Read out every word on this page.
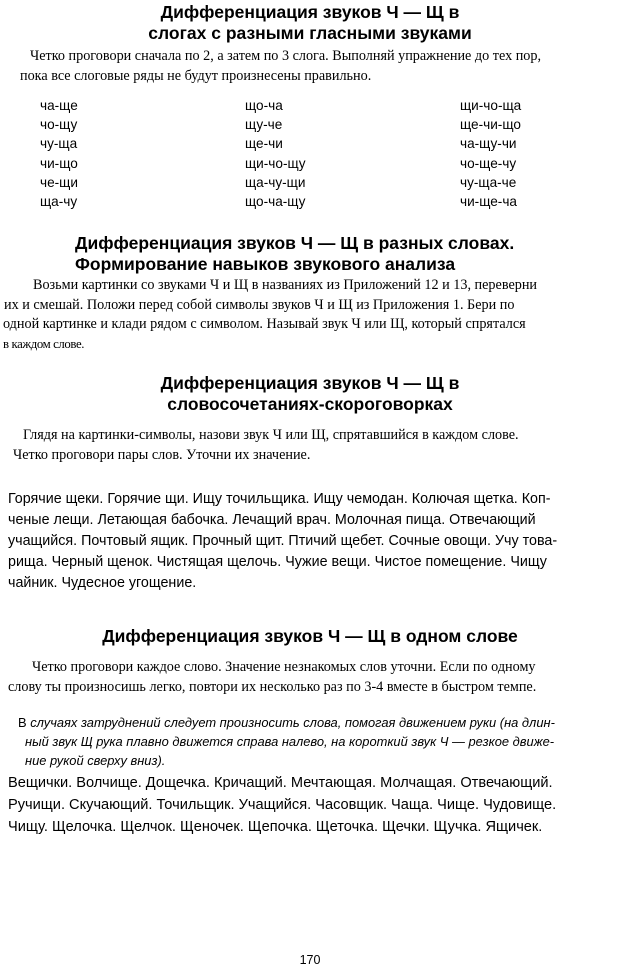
Дифференциация звуков Ч — Щ в
слогах с разными гласными звуками
Четко проговори сначала по 2, а затем по 3 слога. Выполняй упражнение до тех пор,
пока все слоговые ряды не будут произнесены правильно.
ча-ще
чо-щу
чу-ща
чи-що
че-щи
ща-чу
що-ча
щу-че
ще-чи
щи-чо-щу
ща-чу-щи
що-ча-щу
щи-чо-ща
ще-чи-що
ча-щу-чи
чо-ще-чу
чу-ща-че
чи-ще-ча
Дифференциация звуков Ч — Щ в разных словах.
Формирование навыков звукового анализа
Возьми картинки со звуками Ч и Щ в названиях из Приложений 12 и 13, переверни
их и смешай. Положи перед собой символы звуков Ч и Щ из Приложения 1. Бери по
одной картинке и клади рядом с символом. Называй звук Ч или Щ, который спрятался
в каждом слове.
Дифференциация звуков Ч — Щ в
словосочетаниях-скороговорках
Глядя на картинки-символы, назови звук Ч или Щ, спрятавшийся в каждом слове.
Четко проговори пары слов. Уточни их значение.
Горячие щеки. Горячие щи. Ищу точильщика. Ищу чемодан. Колючая щетка. Коп-
ченые лещи. Летающая бабочка. Лечащий врач. Молочная пища. Отвечающий
учащийся. Почтовый ящик. Прочный щит. Птичий щебет. Сочные овощи. Учу това-
рища. Черный щенок. Чистящая щелочь. Чужие вещи. Чистое помещение. Чищу
чайник. Чудесное угощение.
Дифференциация звуков Ч — Щ в одном слове
Четко проговори каждое слово. Значение незнакомых слов уточни. Если по одному
слову ты произносишь легко, повтори их несколько раз по 3-4 вместе в быстром темпе.
В случаях затруднений следует произносить слова, помогая движением руки (на длин-
ный звук Щ рука плавно движется справа налево, на короткий звук Ч — резкое движе-
ние рукой сверху вниз).
Вещички. Волчище. Дощечка. Кричащий. Мечтающая. Молчащая. Отвечающий.
Ручищи. Скучающий. Точильщик. Учащийся. Часовщик. Чаща. Чище. Чудовище.
Чищу. Щелочка. Щелчок. Щеночек. Щепочка. Щеточка. Щечки. Щучка. Ящичек.
170
